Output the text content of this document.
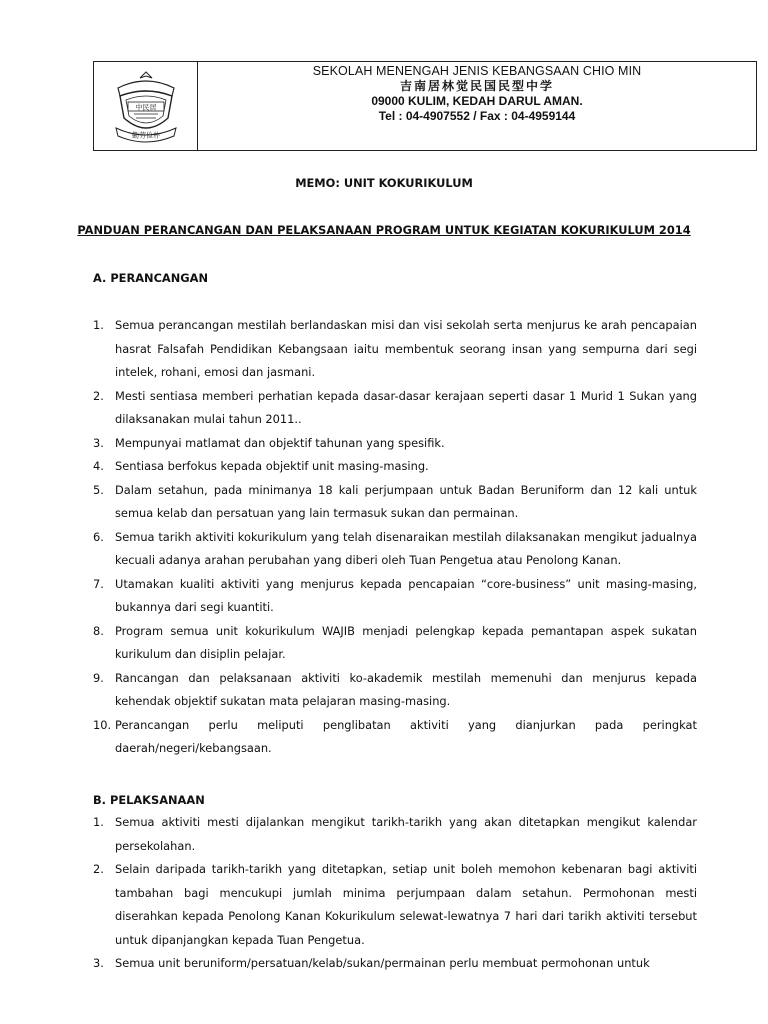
中民居
勤劳俭朴
SEKOLAH MENENGAH JENIS KEBANGSAAN CHIO MIN
吉南居林觉民国民型中学
09000 KULIM, KEDAH DARUL AMAN.
Tel : 04-4907552 / Fax : 04-4959144
MEMO: UNIT KOKURIKULUM
PANDUAN PERANCANGAN DAN PELAKSANAAN PROGRAM UNTUK KEGIATAN KOKURIKULUM 2014
A. PERANCANGAN
1. Semua perancangan mestilah berlandaskan misi dan visi sekolah serta menjurus ke arah pencapaian hasrat Falsafah Pendidikan Kebangsaan iaitu membentuk seorang insan yang sempurna dari segi intelek, rohani, emosi dan jasmani.
2. Mesti sentiasa memberi perhatian kepada dasar-dasar kerajaan seperti dasar 1 Murid 1 Sukan yang dilaksanakan mulai tahun 2011..
3. Mempunyai matlamat dan objektif tahunan yang spesifik.
4. Sentiasa berfokus kepada objektif unit masing-masing.
5. Dalam setahun, pada minimanya 18 kali perjumpaan untuk Badan Beruniform dan 12 kali untuk semua kelab dan persatuan yang lain termasuk sukan dan permainan.
6. Semua tarikh aktiviti kokurikulum yang telah disenaraikan mestilah dilaksanakan mengikut jadualnya kecuali adanya arahan perubahan yang diberi oleh Tuan Pengetua atau Penolong Kanan.
7. Utamakan kualiti aktiviti yang menjurus kepada pencapaian “core-business” unit masing-masing, bukannya dari segi kuantiti.
8. Program semua unit kokurikulum WAJIB menjadi pelengkap kepada pemantapan aspek sukatan kurikulum dan disiplin pelajar.
9. Rancangan dan pelaksanaan aktiviti ko-akademik mestilah memenuhi dan menjurus kepada kehendak objektif sukatan mata pelajaran masing-masing.
10. Perancangan perlu meliputi penglibatan aktiviti yang dianjurkan pada peringkat daerah/negeri/kebangsaan.
B. PELAKSANAAN
1. Semua aktiviti mesti dijalankan mengikut tarikh-tarikh yang akan ditetapkan mengikut kalendar persekolahan.
2. Selain daripada tarikh-tarikh yang ditetapkan, setiap unit boleh memohon kebenaran bagi aktiviti tambahan bagi mencukupi jumlah minima perjumpaan dalam setahun. Permohonan mesti diserahkan kepada Penolong Kanan Kokurikulum selewat-lewatnya 7 hari dari tarikh aktiviti tersebut untuk dipanjangkan kepada Tuan Pengetua.
3. Semua unit beruniform/persatuan/kelab/sukan/permainan perlu membuat permohonan untuk
